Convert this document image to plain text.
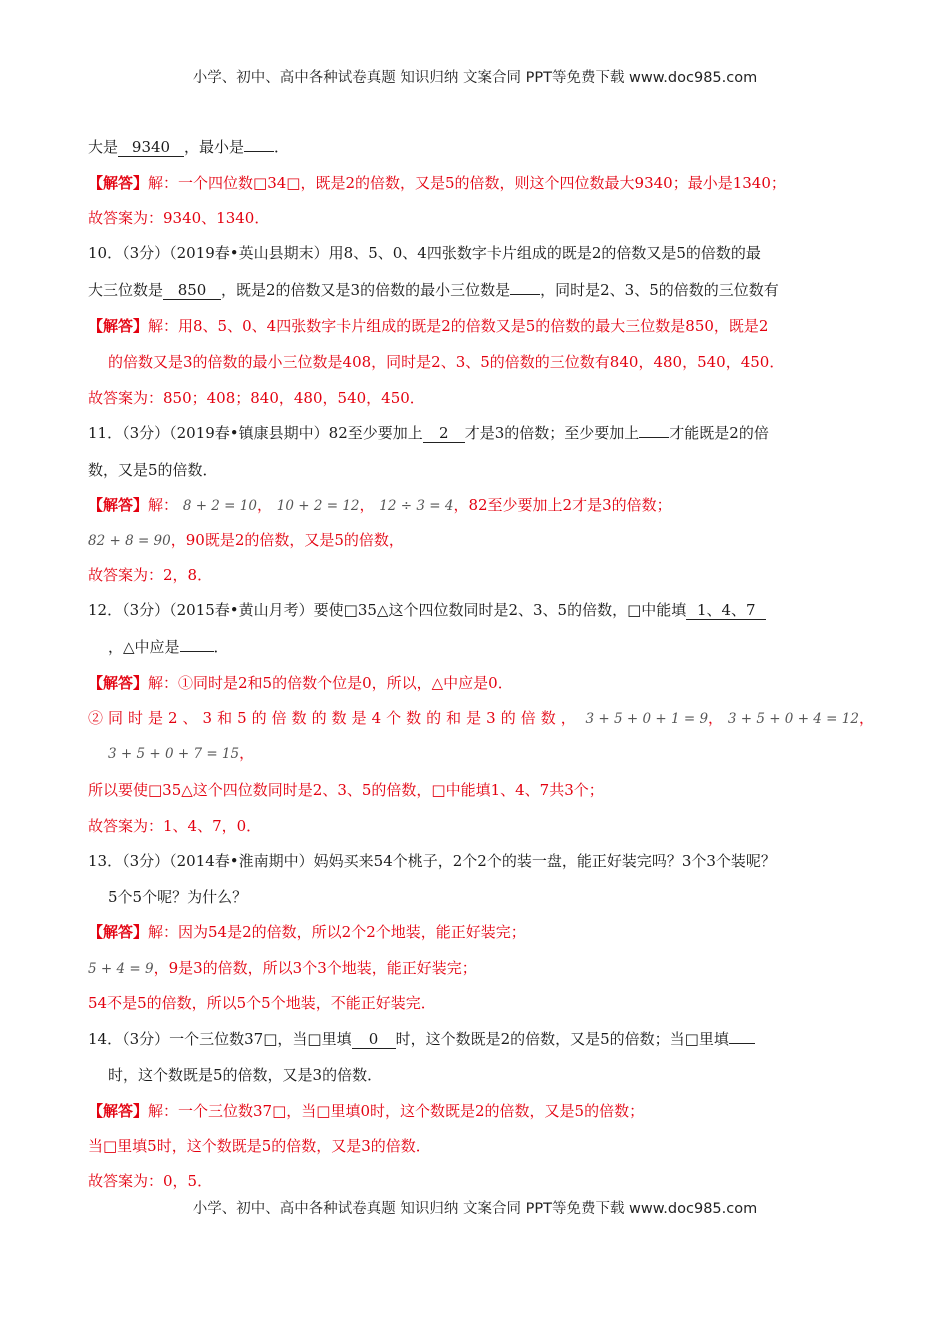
小学、初中、高中各种试卷真题 知识归纳 文案合同 PPT等免费下载 www.doc985.com
大是 9340 ，最小是 ．
【解答】解：一个四位数□34□，既是2的倍数，又是5的倍数，则这个四位数最大9340；最小是1340；
故答案为：9340、1340．
10．（3分）（2019春•英山县期末）用8、5、0、4四张数字卡片组成的既是2的倍数又是5的倍数的最
大三位数是 850 ，既是2的倍数又是3的倍数的最小三位数是 ，同时是2、3、5的倍数的三位数有
【解答】解：用8、5、0、4四张数字卡片组成的既是2的倍数又是5的倍数的最大三位数是850，既是2
的倍数又是3的倍数的最小三位数是408，同时是2、3、5的倍数的三位数有840，480，540，450．
故答案为：850；408；840，480，540，450．
11．（3分）（2019春•镇康县期中）82至少要加上 2 才是3的倍数；至少要加上 才能既是2的倍
数，又是5的倍数．
【解答】解： 8 + 2 = 10， 10 + 2 = 12， 12 ÷ 3 = 4，82至少要加上2才是3的倍数；
82 + 8 = 90，90既是2的倍数，又是5的倍数，
故答案为：2，8．
12．（3分）（2015春•黄山月考）要使□35△这个四位数同时是2、3、5的倍数，□中能填 1、4、7
，△中应是 ．
【解答】解：①同时是2和5的倍数个位是0，所以，△中应是0．
②同时是2、3和5的倍数的数是4个数的和是3的倍数， 3 + 5 + 0 + 1 = 9， 3 + 5 + 0 + 4 = 12，
3 + 5 + 0 + 7 = 15，
所以要使□35△这个四位数同时是2、3、5的倍数，□中能填1、4、7共3个；
故答案为：1、4、7，0．
13．（3分）（2014春•淮南期中）妈妈买来54个桃子，2个2个的装一盘，能正好装完吗？3个3个装呢？
5个5个呢？为什么？
【解答】解：因为54是2的倍数，所以2个2个地装，能正好装完；
5 + 4 = 9，9是3的倍数，所以3个3个地装，能正好装完；
54不是5的倍数，所以5个5个地装，不能正好装完．
14．（3分）一个三位数37□，当□里填 0 时，这个数既是2的倍数，又是5的倍数；当□里填
时，这个数既是5的倍数，又是3的倍数．
【解答】解：一个三位数37□，当□里填0时，这个数既是2的倍数，又是5的倍数；
当□里填5时，这个数既是5的倍数，又是3的倍数．
故答案为：0，5．
小学、初中、高中各种试卷真题 知识归纳 文案合同 PPT等免费下载 www.doc985.com
